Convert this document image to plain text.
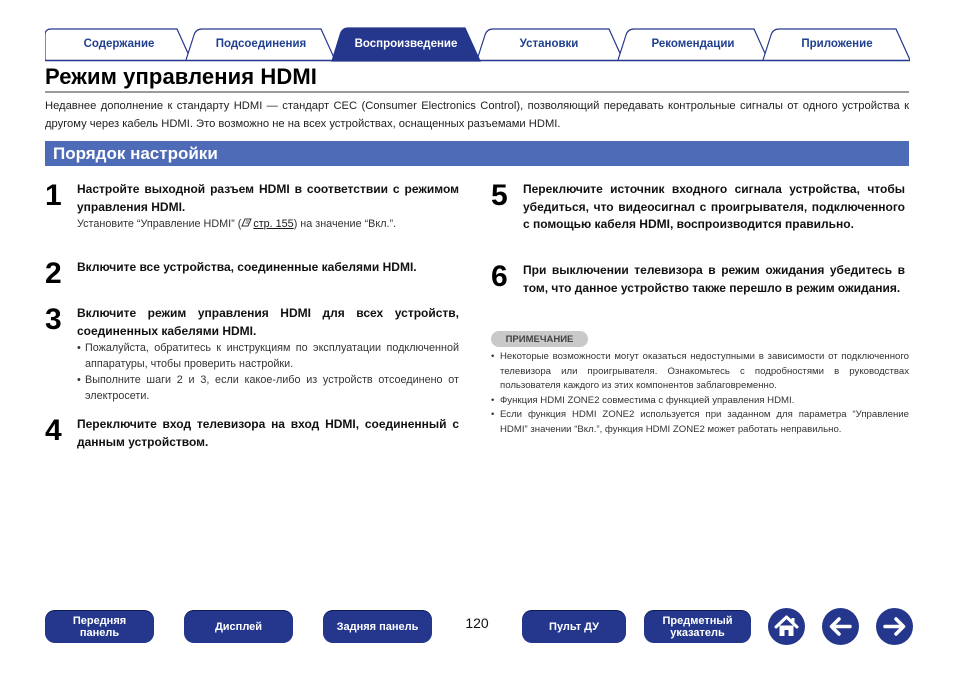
Содержание	Подсоединения	Воспроизведение	Установки	Рекомендации	Приложение
Режим управления HDMI
Недавнее дополнение к стандарту HDMI — стандарт CEC (Consumer Electronics Control), позволяющий передавать контрольные сигналы от одного устройства к другому через кабель HDMI. Это возможно не на всех устройствах, оснащенных разъемами HDMI.
Порядок настройки
1 Настройте выходной разъем HDMI в соответствии с режимом управления HDMI.
Установите “Управление HDMI” ( стр. 155) на значение “Вкл.”.
2 Включите все устройства, соединенные кабелями HDMI.
3 Включите режим управления HDMI для всех устройств, соединенных кабелями HDMI.
• Пожалуйста, обратитесь к инструкциям по эксплуатации подключенной аппаратуры, чтобы проверить настройки.
• Выполните шаги 2 и 3, если какое-либо из устройств отсоединено от электросети.
4 Переключите вход телевизора на вход HDMI, соединенный с данным устройством.
5 Переключите источник входного сигнала устройства, чтобы убедиться, что видеосигнал с проигрывателя, подключенного с помощью кабеля HDMI, воспроизводится правильно.
6 При выключении телевизора в режим ожидания убедитесь в том, что данное устройство также перешло в режим ожидания.
ПРИМЕЧАНИЕ
• Некоторые возможности могут оказаться недоступными в зависимости от подключенного телевизора или проигрывателя. Ознакомьтесь с подробностями в руководствах пользователя каждого из этих компонентов заблаговременно.
• Функция HDMI ZONE2 совместима с функцией управления HDMI.
• Если функция HDMI ZONE2 используется при заданном для параметра “Управление HDMI” значении “Вкл.”, функция HDMI ZONE2 может работать неправильно.
Передняя панель	Дисплей	Задняя панель	120	Пульт ДУ	Предметный указатель
